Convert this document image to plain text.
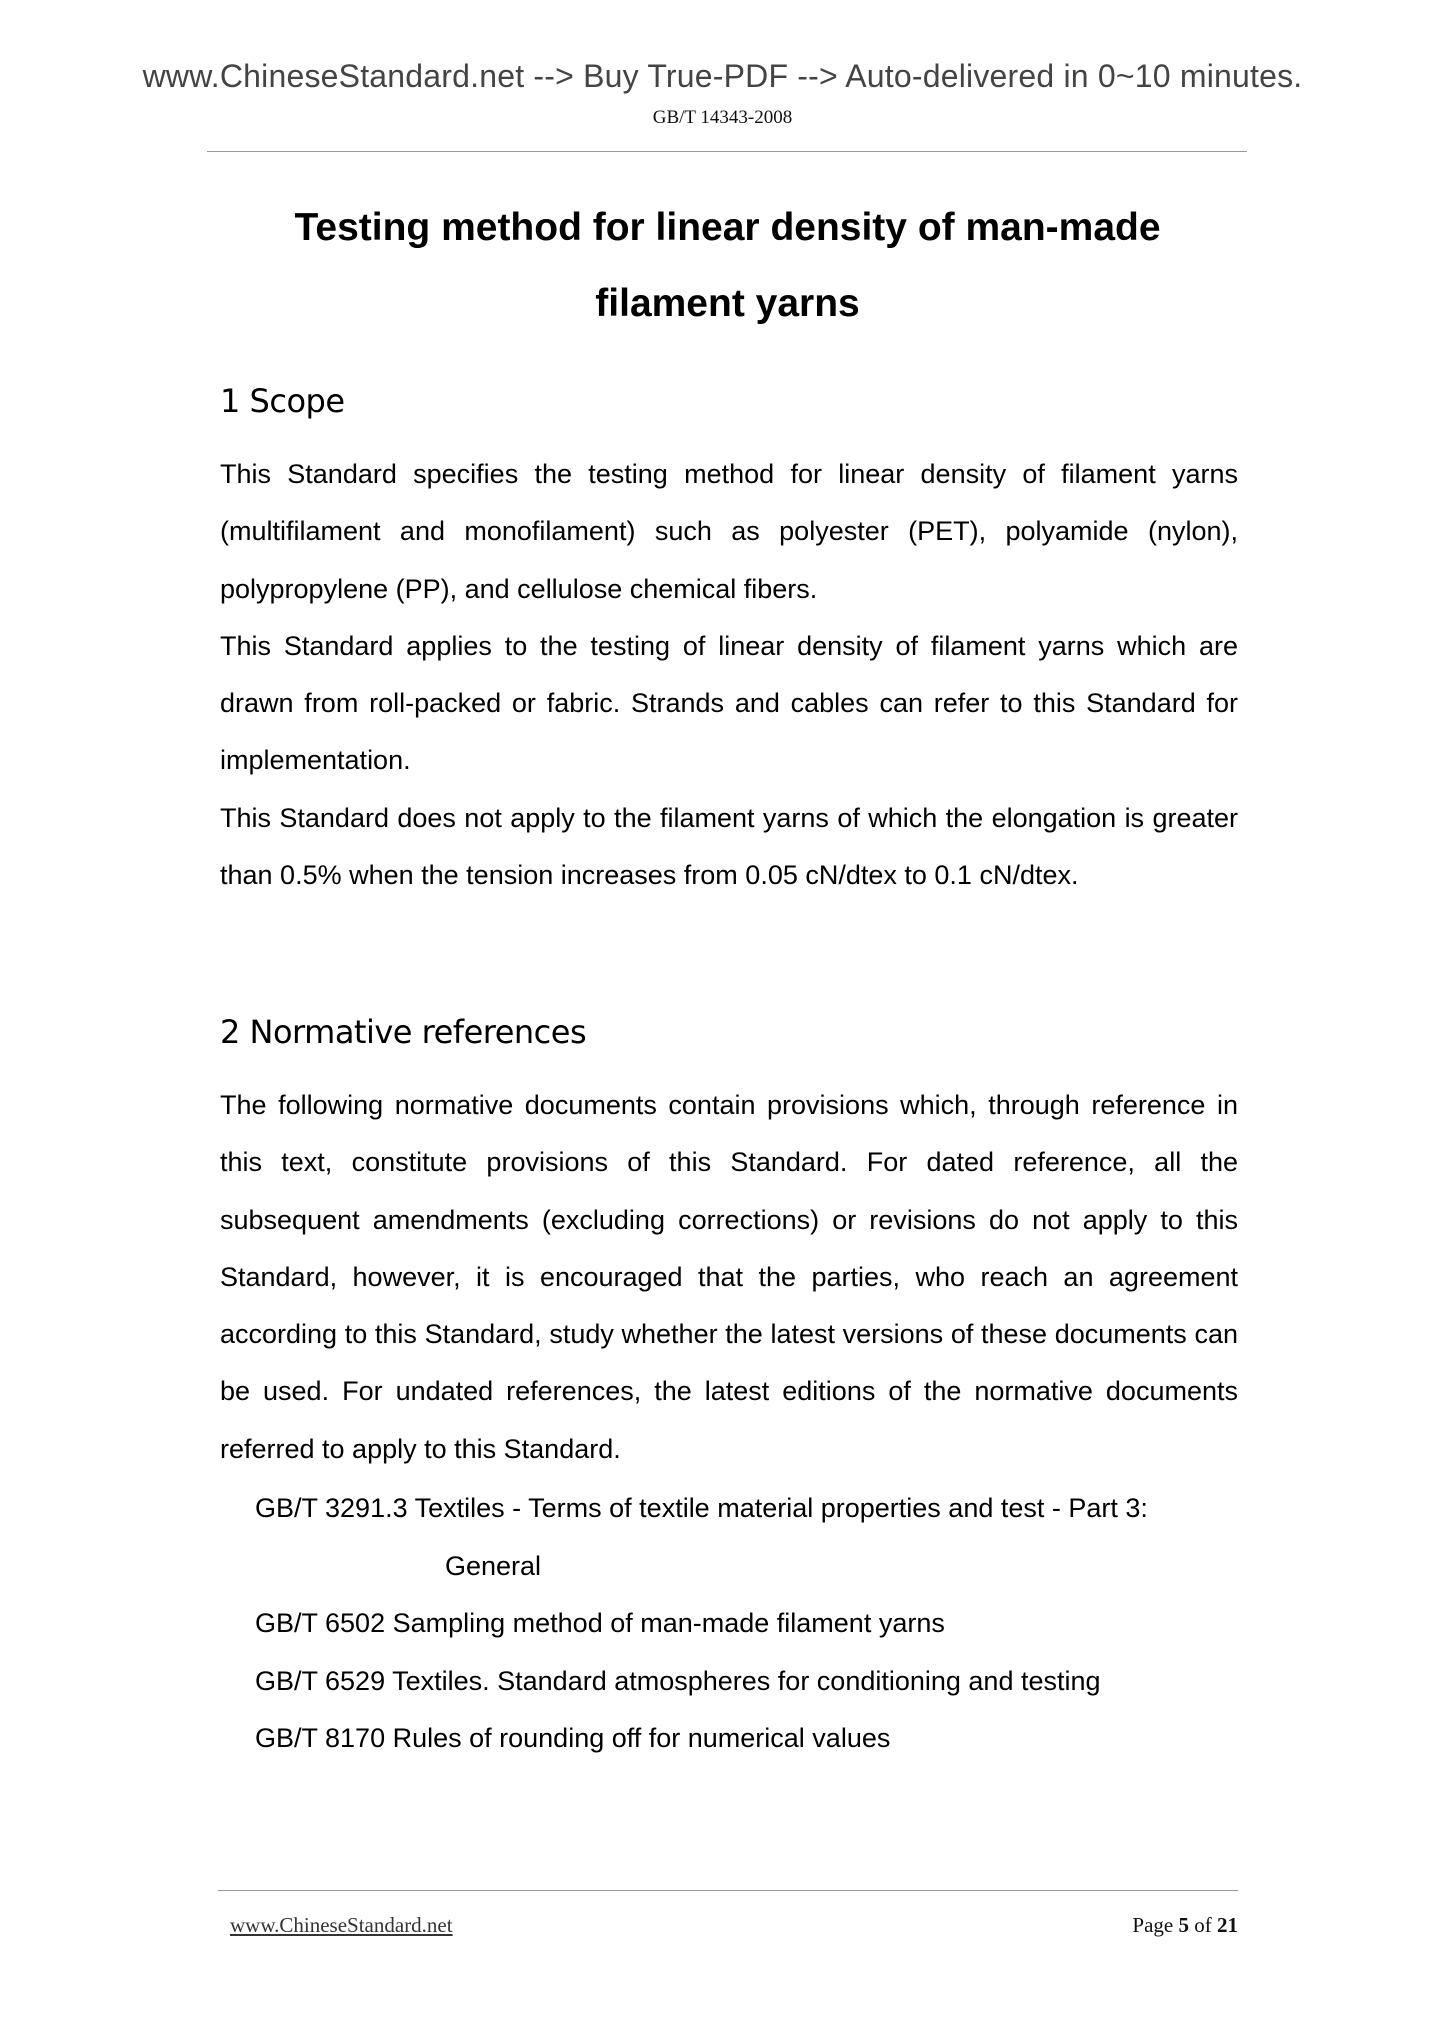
www.ChineseStandard.net --> Buy True-PDF --> Auto-delivered in 0~10 minutes.
GB/T 14343-2008
Testing method for linear density of man-made
filament yarns
1 Scope

This Standard specifies the testing method for linear density of filament yarns (multifilament and monofilament) such as polyester (PET), polyamide (nylon), polypropylene (PP), and cellulose chemical fibers.

This Standard applies to the testing of linear density of filament yarns which are drawn from roll-packed or fabric. Strands and cables can refer to this Standard for implementation.

This Standard does not apply to the filament yarns of which the elongation is greater than 0.5% when the tension increases from 0.05 cN/dtex to 0.1 cN/dtex.

2 Normative references

The following normative documents contain provisions which, through reference in this text, constitute provisions of this Standard. For dated reference, all the subsequent amendments (excluding corrections) or revisions do not apply to this Standard, however, it is encouraged that the parties, who reach an agreement according to this Standard, study whether the latest versions of these documents can be used. For undated references, the latest editions of the normative documents referred to apply to this Standard.

GB/T 3291.3 Textiles - Terms of textile material properties and test - Part 3:
General
GB/T 6502 Sampling method of man-made filament yarns
GB/T 6529 Textiles. Standard atmospheres for conditioning and testing
GB/T 8170 Rules of rounding off for numerical values
www.ChineseStandard.net	Page 5 of 21
